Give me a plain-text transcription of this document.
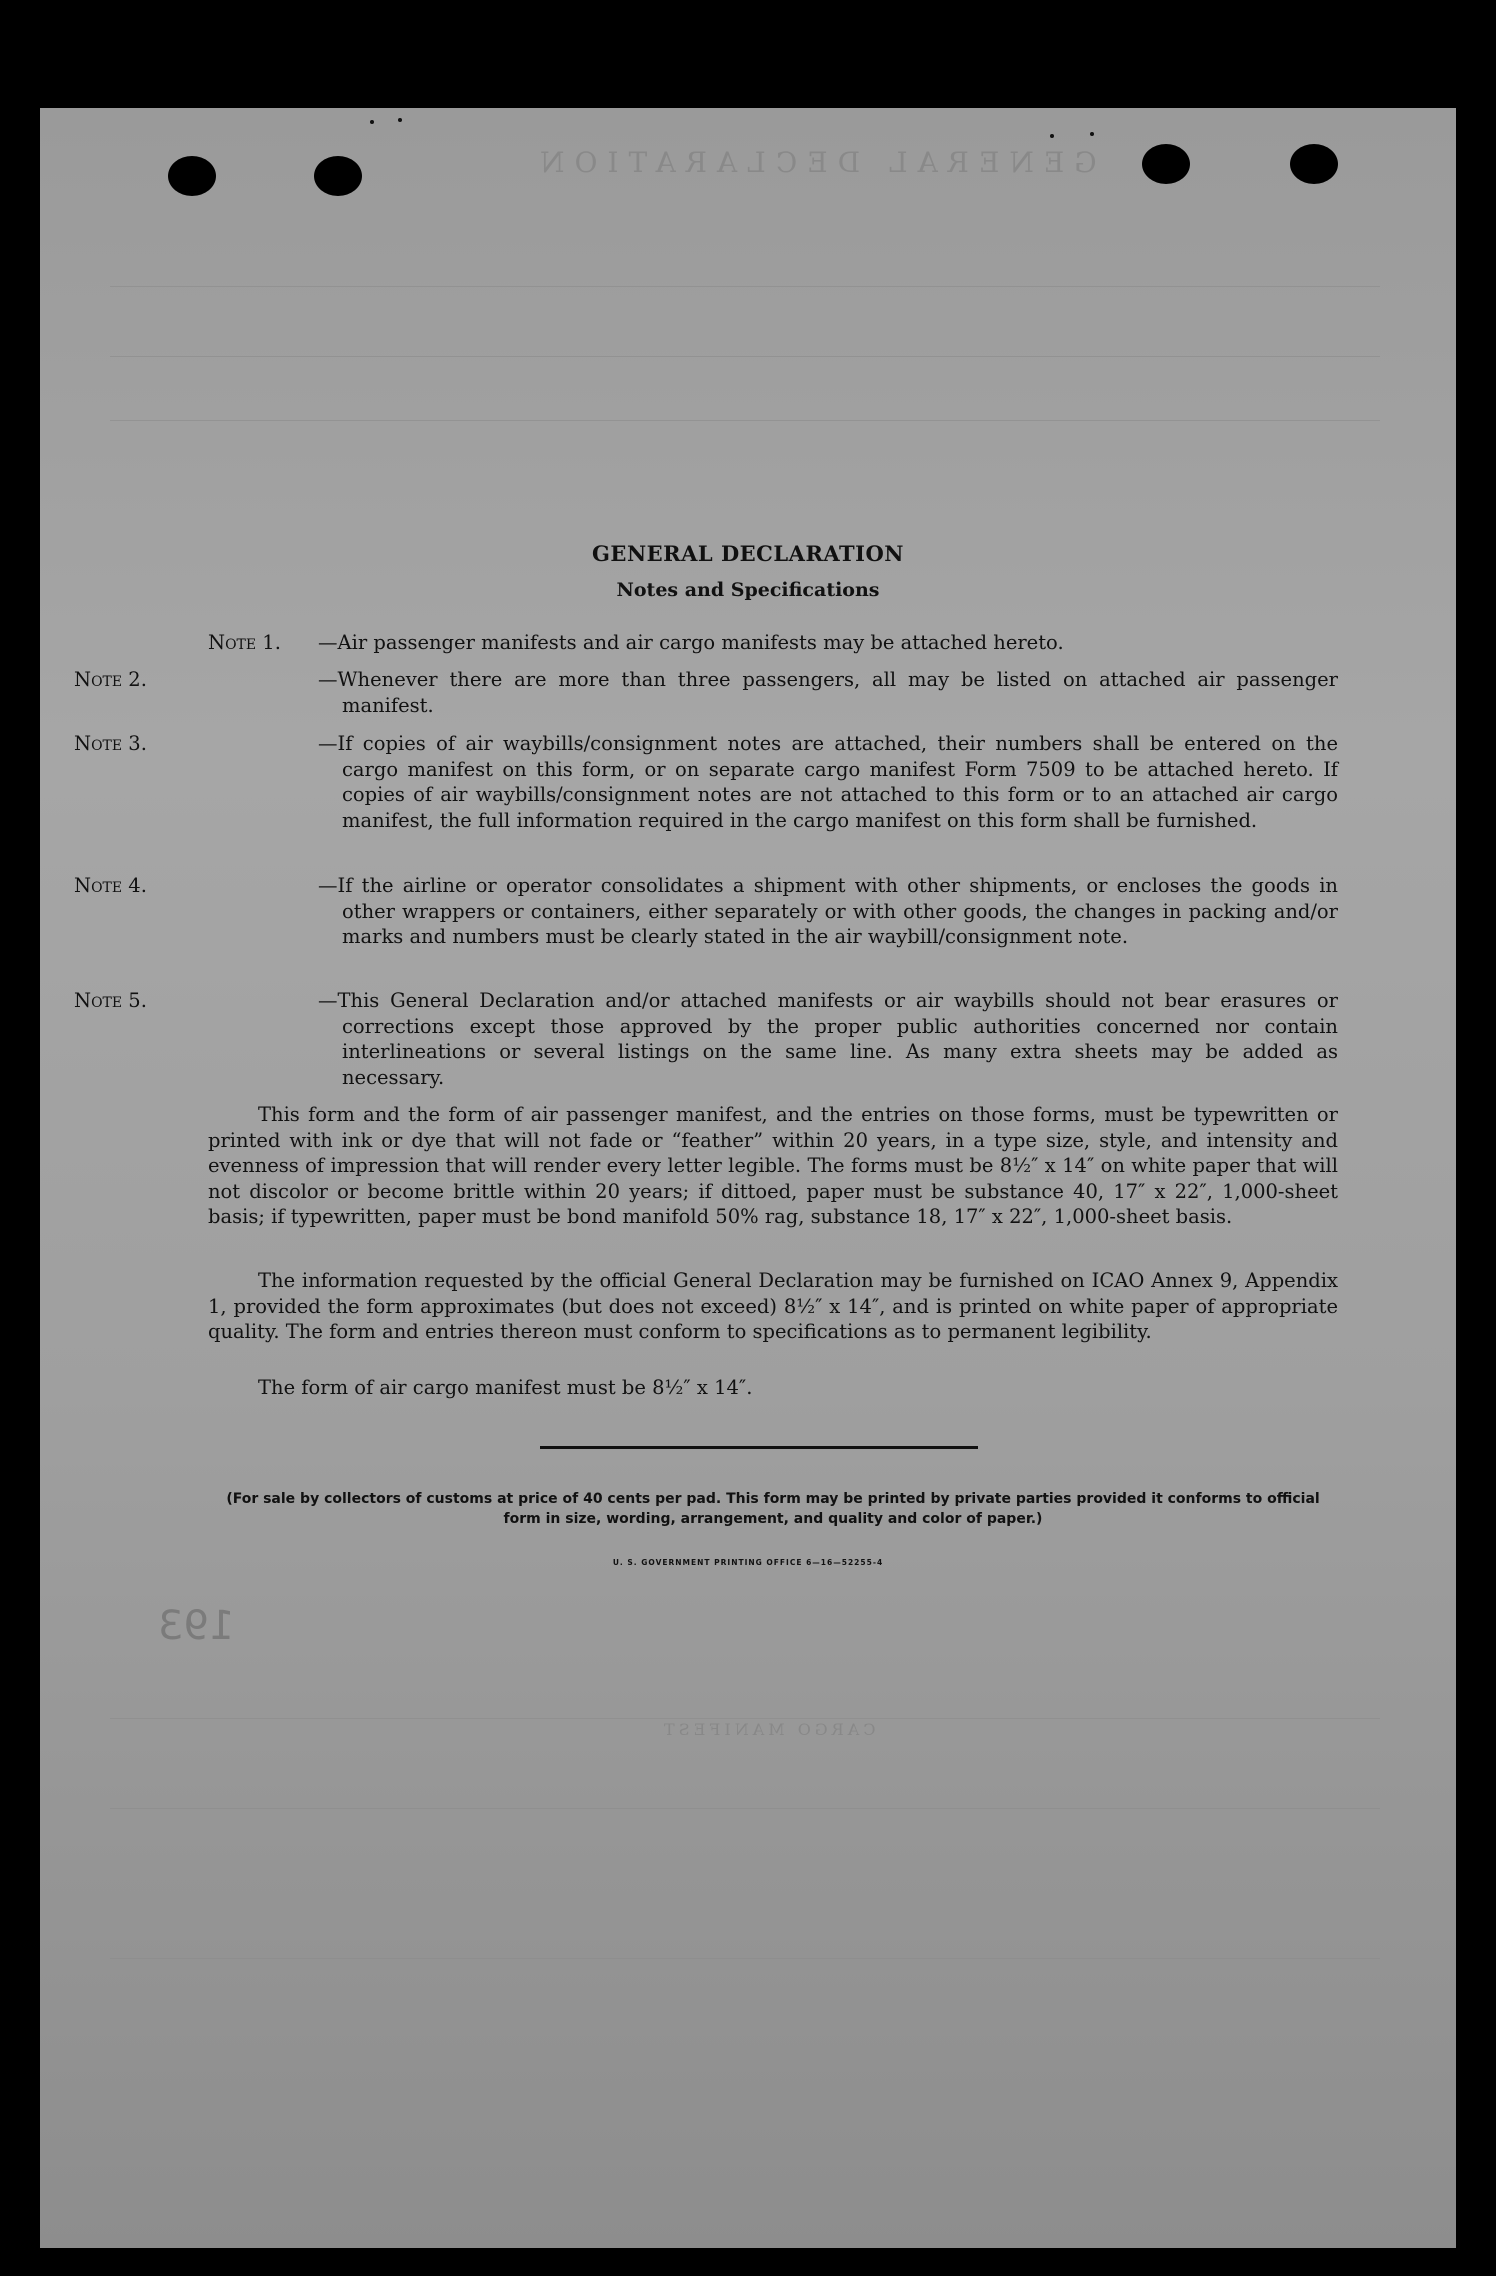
GENERAL DECLARATION
CARGO MANIFEST
193
GENERAL DECLARATION
Notes and Specifications
Note 1. —Air passenger manifests and air cargo manifests may be attached hereto.
Note 2.	—Whenever there are more than three passengers, all may be listed on attached air passenger manifest.
Note 3.	—If copies of air waybills/consignment notes are attached, their numbers shall be entered on the cargo manifest on this form, or on separate cargo manifest Form 7509 to be attached hereto. If copies of air waybills/consignment notes are not attached to this form or to an attached air cargo manifest, the full information required in the cargo manifest on this form shall be furnished.
Note 4.	—If the airline or operator consolidates a shipment with other shipments, or encloses the goods in other wrappers or containers, either separately or with other goods, the changes in packing and/or marks and numbers must be clearly stated in the air waybill/consignment note.
Note 5.	—This General Declaration and/or attached manifests or air waybills should not bear erasures or corrections except those approved by the proper public authorities concerned nor contain interlineations or several listings on the same line. As many extra sheets may be added as necessary.
This form and the form of air passenger manifest, and the entries on those forms, must be typewritten or printed with ink or dye that will not fade or “feather” within 20 years, in a type size, style, and intensity and evenness of impression that will render every letter legible. The forms must be 8½″ x 14″ on white paper that will not discolor or become brittle within 20 years; if dittoed, paper must be substance 40, 17″ x 22″, 1,000-sheet basis; if typewritten, paper must be bond manifold 50% rag, substance 18, 17″ x 22″, 1,000-sheet basis.
The information requested by the official General Declaration may be furnished on ICAO Annex 9, Appendix 1, provided the form approximates (but does not exceed) 8½″ x 14″, and is printed on white paper of appropriate quality. The form and entries thereon must conform to specifications as to permanent legibility.
The form of air cargo manifest must be 8½″ x 14″.
(For sale by collectors of customs at price of 40 cents per pad. This form may be printed by private parties provided it conforms to official form in size, wording, arrangement, and quality and color of paper.)
U. S. GOVERNMENT PRINTING OFFICE 6—16—52255-4
